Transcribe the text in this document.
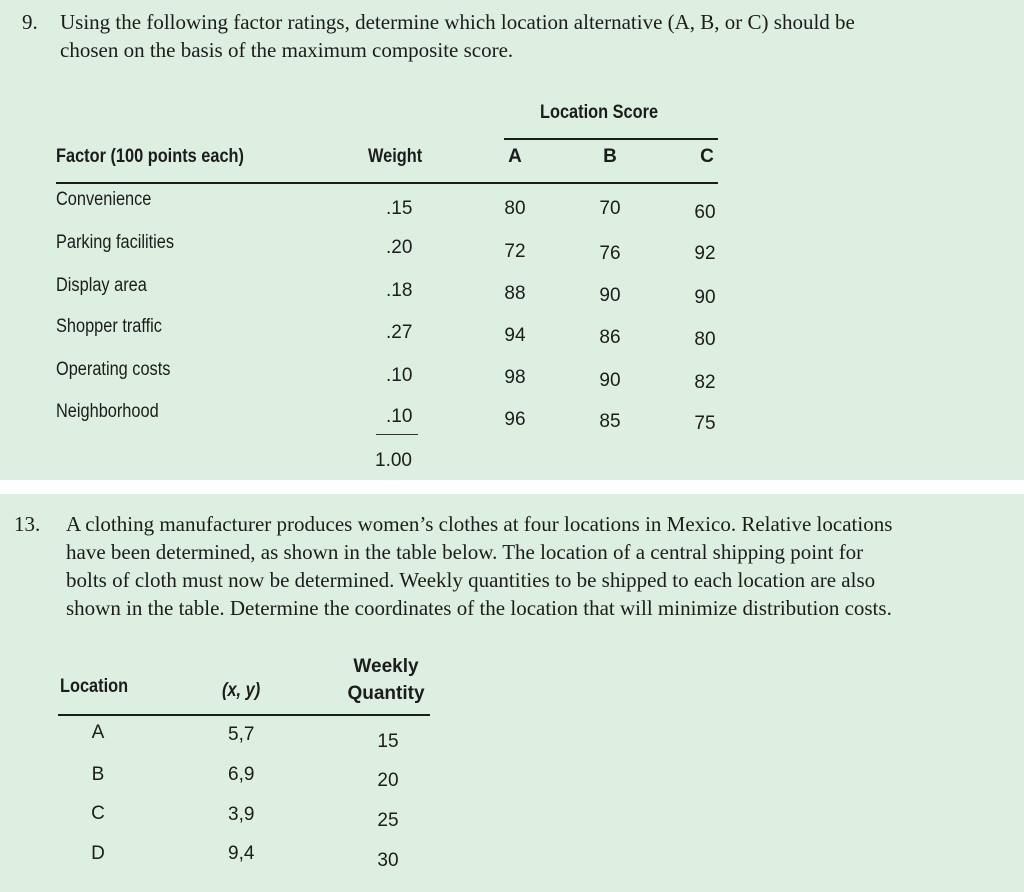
9. Using the following factor ratings, determine which location alternative (A, B, or C) should be
chosen on the basis of the maximum composite score.
Location Score
Factor (100 points each)	Weight	A	B	C
Convenience	.15	80	70	60
Parking facilities	.20	72	76	92
Display area	.18	88	90	90
Shopper traffic	.27	94	86	80
Operating costs	.10	98	90	82
Neighborhood	.10	96	85	75
1.00
13. A clothing manufacturer produces women’s clothes at four locations in Mexico. Relative locations
have been determined, as shown in the table below. The location of a central shipping point for
bolts of cloth must now be determined. Weekly quantities to be shipped to each location are also
shown in the table. Determine the coordinates of the location that will minimize distribution costs.
Location	(x, y)
Weekly
Quantity
A	5,7	15
B	6,9	20
C	3,9	25
D	9,4	30
